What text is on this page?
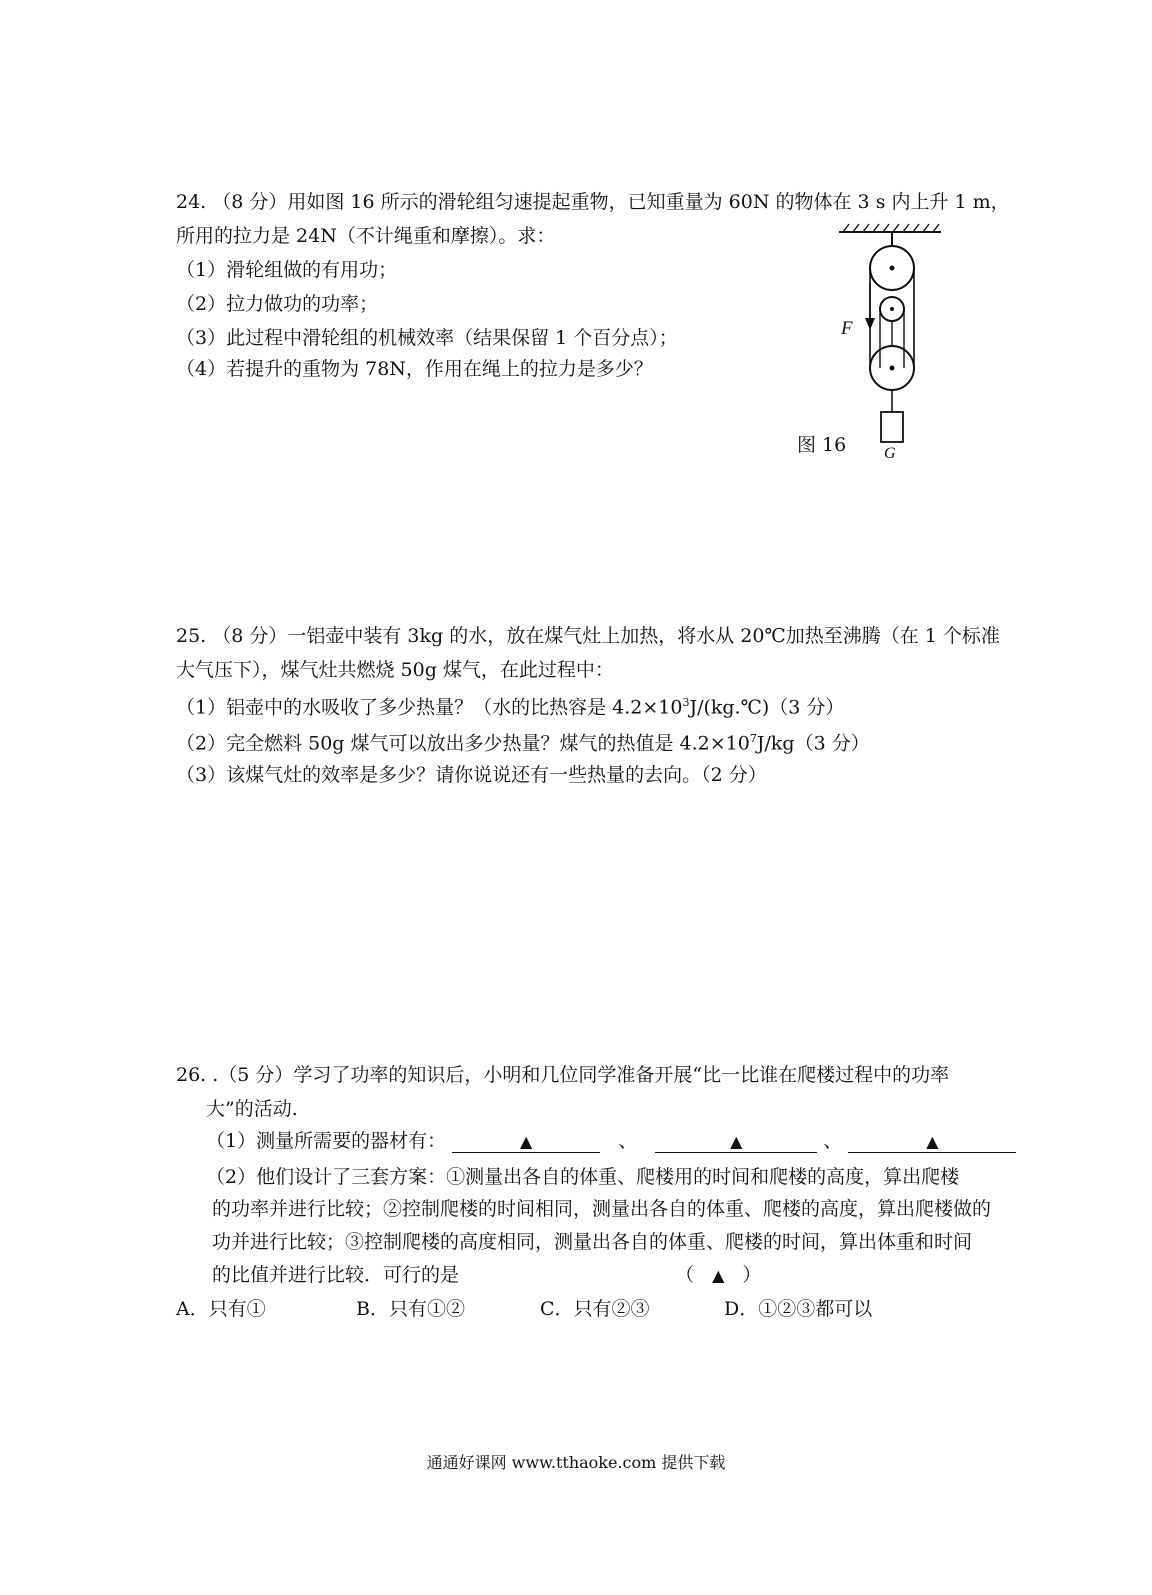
24. （8 分）用如图 16 所示的滑轮组匀速提起重物，已知重量为 60N 的物体在 3 s 内上升 1 m，
所用的拉力是 24N（不计绳重和摩擦）。求：
（1）滑轮组做的有用功；
（2）拉力做功的功率；
（3）此过程中滑轮组的机械效率（结果保留 1 个百分点）；
（4）若提升的重物为 78N，作用在绳上的拉力是多少？
F
G
图 16
25. （8 分）一铝壶中装有 3kg 的水，放在煤气灶上加热，将水从 20℃加热至沸腾（在 1 个标准
大气压下），煤气灶共燃烧 50g 煤气，在此过程中：
（1）铝壶中的水吸收了多少热量？（水的比热容是 $4.2\times 10^3J/(kg.℃)(3$ 分）
（2）完全燃料 50g 煤气可以放出多少热量？煤气的热值是 $4.2\times 10^7J/kg(3$ 分）
（3）该煤气灶的效率是多少？请你说说还有一些热量的去向。（2 分）
26. .（5 分）学习了功率的知识后，小明和几位同学准备开展“比一比谁在爬楼过程中的功率
大”的活动.
（1）测量所需要的器材有：	▲	、	▲	、	▲
（2）他们设计了三套方案：①测量出各自的体重、爬楼用的时间和爬楼的高度，算出爬楼
的功率并进行比较；②控制爬楼的时间相同，测量出各自的体重、爬楼的高度，算出爬楼做的
功并进行比较；③控制爬楼的高度相同，测量出各自的体重、爬楼的时间，算出体重和时间
的比值并进行比较．可行的是	（ ▲ ）
A．只有①	B．只有①②	C．只有②③	D．①②③都可以
通通好课网 www.tthaoke.com 提供下载
